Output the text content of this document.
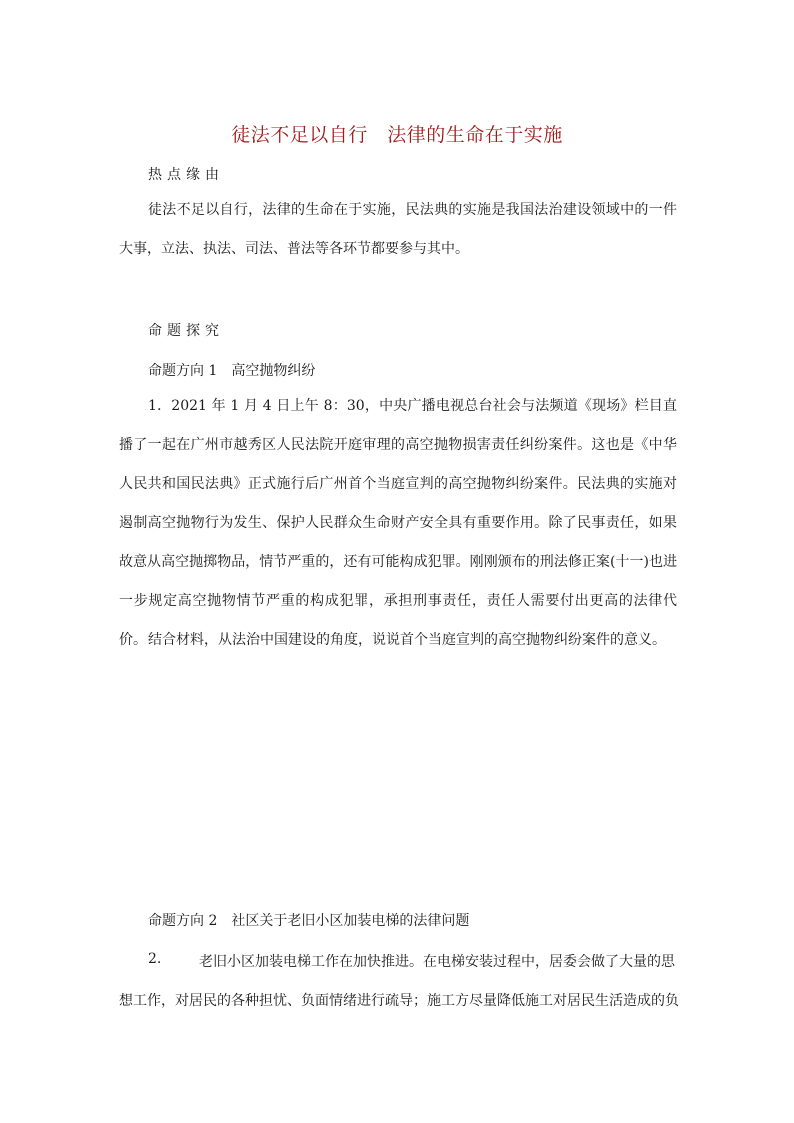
徒法不足以自行　法律的生命在于实施
热点缘由

徒法不足以自行，法律的生命在于实施，民法典的实施是我国法治建设领域中的一件大事，立法、执法、司法、普法等各环节都要参与其中。

命题探究
命题方向 1　高空抛物纠纷

1．2021 年 1 月 4 日上午 8：30，中央广播电视总台社会与法频道《现场》栏目直播了一起在广州市越秀区人民法院开庭审理的高空抛物损害责任纠纷案件。这也是《中华人民共和国民法典》正式施行后广州首个当庭宣判的高空抛物纠纷案件。民法典的实施对遏制高空抛物行为发生、保护人民群众生命财产安全具有重要作用。除了民事责任，如果故意从高空抛掷物品，情节严重的，还有可能构成犯罪。刚刚颁布的刑法修正案(十一)也进一步规定高空抛物情节严重的构成犯罪，承担刑事责任，责任人需要付出更高的法律代价。 结合材料，从法治中国建设的角度，说说首个当庭宣判的高空抛物纠纷案件的意义。

命题方向 2　社区关于老旧小区加装电梯的法律问题
2.	老旧小区加装电梯工作在加快推进。在电梯安装过程中，居委会做了大量的思
想工作，对居民的各种担忧、负面情绪进行疏导；施工方尽量降低施工对居民生活造成的负
